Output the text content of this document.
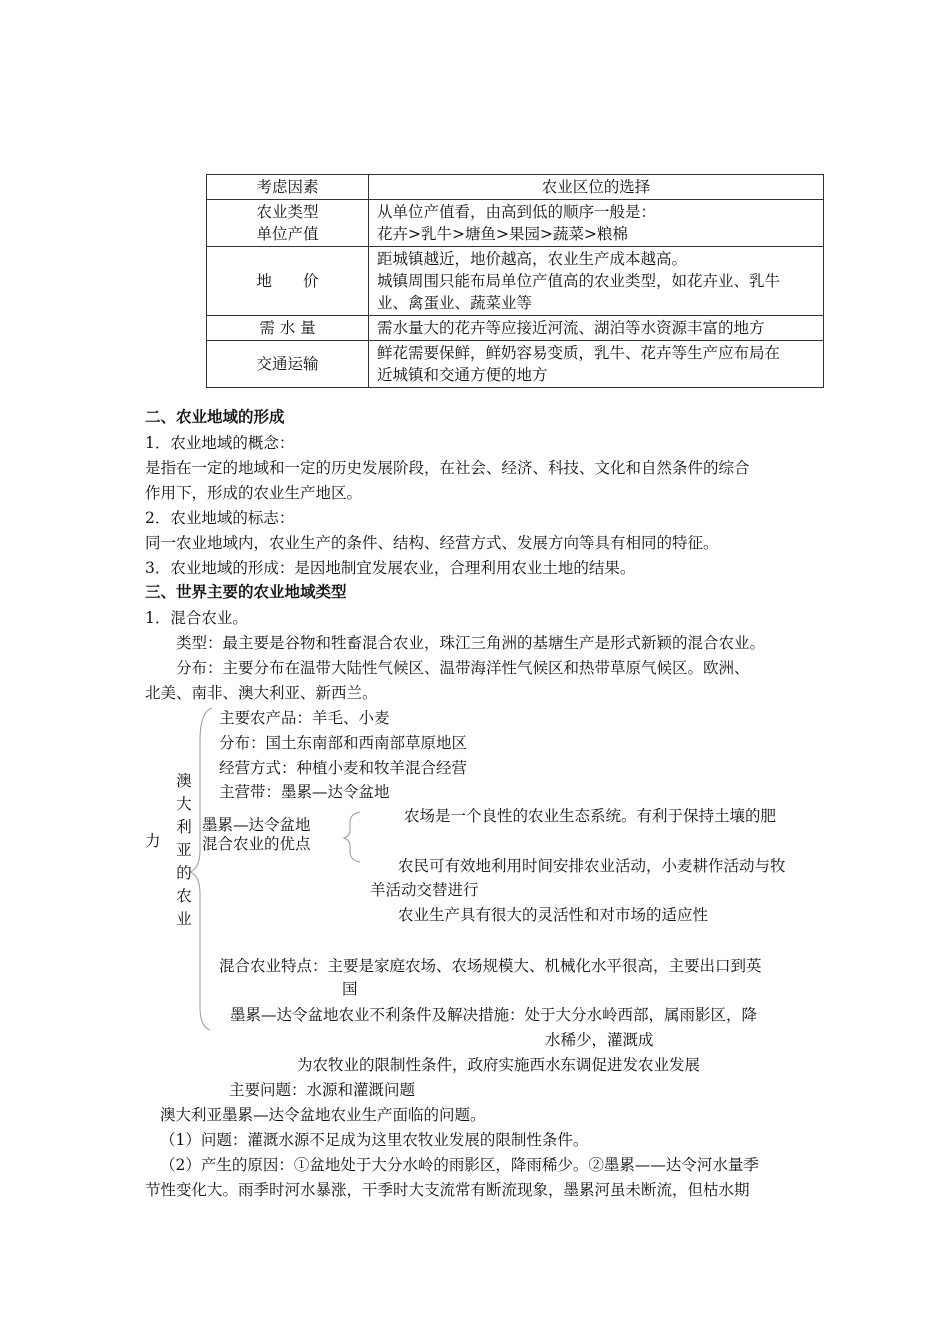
考虑因素	农业区位的选择

农业类型
单位产值	从单位产值看，由高到低的顺序一般是：
花卉>乳牛>塘鱼>果园>蔬菜>粮棉

地　　价	距城镇越近，地价越高，农业生产成本越高。
城镇周围只能布局单位产值高的农业类型，如花卉业、乳牛
业、禽蛋业、蔬菜业等

需 水 量	需水量大的花卉等应接近河流、湖泊等水资源丰富的地方

交通运输	鲜花需要保鲜，鲜奶容易变质，乳牛、花卉等生产应布局在
近城镇和交通方便的地方
二、农业地域的形成
1．农业地域的概念：
是指在一定的地域和一定的历史发展阶段，在社会、经济、科技、文化和自然条件的综合
作用下，形成的农业生产地区。
2．农业地域的标志：
同一农业地域内，农业生产的条件、结构、经营方式、发展方向等具有相同的特征。
3．农业地域的形成：是因地制宜发展农业，合理利用农业土地的结果。
三、世界主要的农业地域类型
1．混合农业。
类型：最主要是谷物和牲畜混合农业，珠江三角洲的基塘生产是形式新颖的混合农业。
分布：主要分布在温带大陆性气候区、温带海洋性气候区和热带草原气候区。欧洲、
北美、南非、澳大利亚、新西兰。
澳
大
利
亚
的
农
业
力
主要农产品：羊毛、小麦
分布：国土东南部和西南部草原地区
经营方式：种植小麦和牧羊混合经营
主营带：墨累—达令盆地
墨累—达令盆地
混合农业的优点
农场是一个良性的农业生态系统。有利于保持土壤的肥
农民可有效地利用时间安排农业活动，小麦耕作活动与牧
羊活动交替进行
农业生产具有很大的灵活性和对市场的适应性
混合农业特点：主要是家庭农场、农场规模大、机械化水平很高，主要出口到英
国
墨累—达令盆地农业不利条件及解决措施：处于大分水岭西部，属雨影区，降
水稀少，灌溉成
为农牧业的限制性条件，政府实施西水东调促进发农业发展
主要问题：水源和灌溉问题
澳大利亚墨累—达令盆地农业生产面临的问题。
（1）问题：灌溉水源不足成为这里农牧业发展的限制性条件。
（2）产生的原因：①盆地处于大分水岭的雨影区，降雨稀少。②墨累——达令河水量季
节性变化大。雨季时河水暴涨，干季时大支流常有断流现象，墨累河虽未断流，但枯水期
